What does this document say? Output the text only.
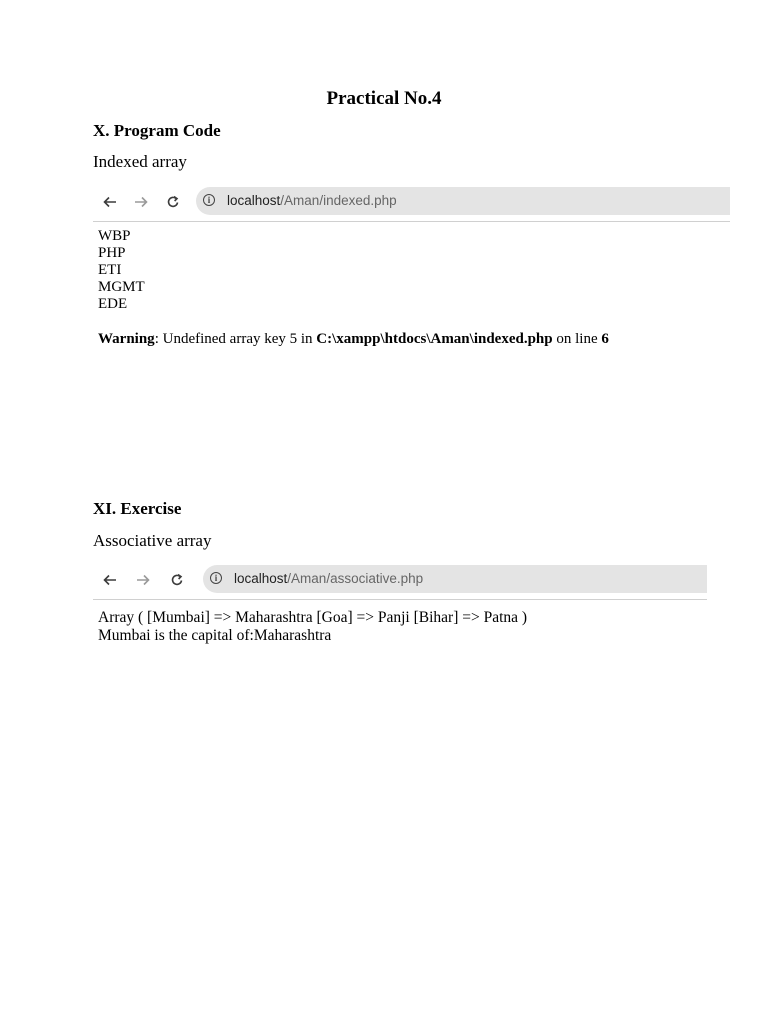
Practical No.4
X. Program Code
Indexed array
i	localhost/Aman/indexed.php
WBP
PHP
ETI
MGMT
EDE
Warning: Undefined array key 5 in C:\xampp\htdocs\Aman\indexed.php on line 6
XI. Exercise
Associative array
i	localhost/Aman/associative.php
Array ( [Mumbai] => Maharashtra [Goa] => Panji [Bihar] => Patna )
Mumbai is the capital of:Maharashtra
